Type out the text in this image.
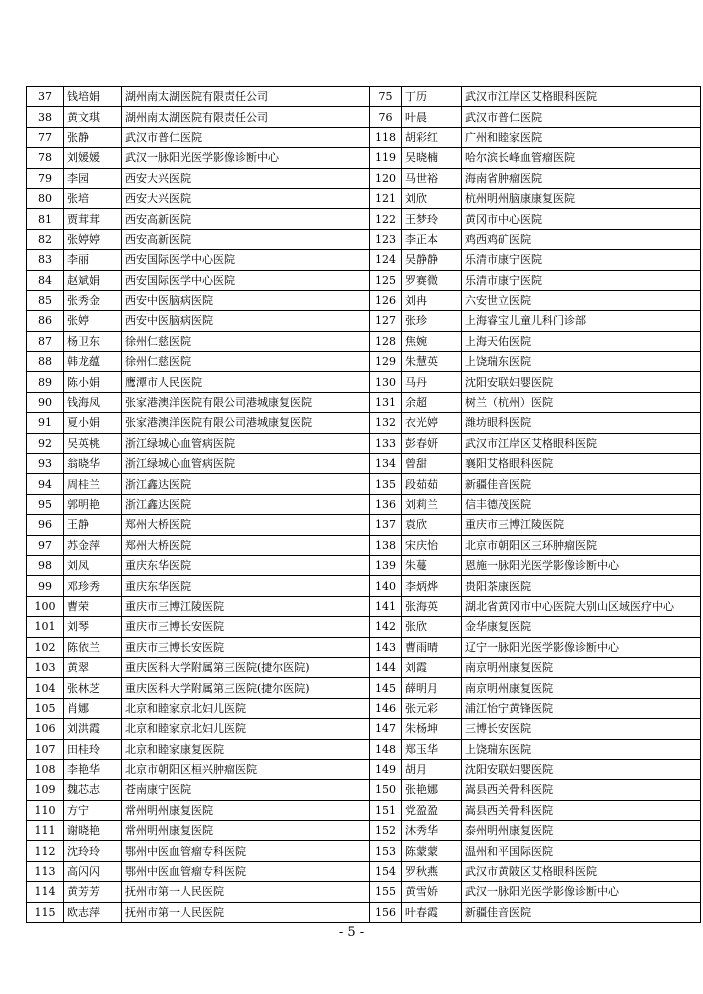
37	钱培娟	湖州南太湖医院有限责任公司	75	丁历	武汉市江岸区艾格眼科医院
38	黄文琪	湖州南太湖医院有限责任公司	76	叶晨	武汉市普仁医院
77	张静	武汉市普仁医院	118	胡彩红	广州和睦家医院
78	刘媛媛	武汉一脉阳光医学影像诊断中心	119	吴晓楠	哈尔滨长峰血管瘤医院
79	李园	西安大兴医院	120	马世裕	海南省肿瘤医院
80	张培	西安大兴医院	121	刘欣	杭州明州脑康康复医院
81	贾茸茸	西安高新医院	122	王梦玲	黄冈市中心医院
82	张婷婷	西安高新医院	123	李正本	鸡西鸡矿医院
83	李丽	西安国际医学中心医院	124	吴静静	乐清市康宁医院
84	赵斌娟	西安国际医学中心医院	125	罗赛微	乐清市康宁医院
85	张秀金	西安中医脑病医院	126	刘冉	六安世立医院
86	张婷	西安中医脑病医院	127	张珍	上海睿宝儿童儿科门诊部
87	杨卫东	徐州仁慈医院	128	焦婉	上海天佑医院
88	韩龙蕴	徐州仁慈医院	129	朱慧英	上饶瑞东医院
89	陈小娟	鹰潭市人民医院	130	马丹	沈阳安联妇婴医院
90	钱海凤	张家港澳洋医院有限公司港城康复医院	131	余超	树兰（杭州）医院
91	夏小娟	张家港澳洋医院有限公司港城康复医院	132	衣光婷	潍坊眼科医院
92	吴英桃	浙江绿城心血管病医院	133	彭春妍	武汉市江岸区艾格眼科医院
93	翁晓华	浙江绿城心血管病医院	134	曾甜	襄阳艾格眼科医院
94	周桂兰	浙江鑫达医院	135	段茹茹	新疆佳音医院
95	郭明艳	浙江鑫达医院	136	刘莉兰	信丰德茂医院
96	王静	郑州大桥医院	137	袁欣	重庆市三博江陵医院
97	苏金萍	郑州大桥医院	138	宋庆怡	北京市朝阳区三环肿瘤医院
98	刘凤	重庆东华医院	139	朱蔓	恩施一脉阳光医学影像诊断中心
99	邓珍秀	重庆东华医院	140	李炳烨	贵阳茶康医院
100	曹荣	重庆市三博江陵医院	141	张海英	湖北省黄冈市中心医院大别山区域医疗中心
101	刘琴	重庆市三博长安医院	142	张欣	金华康复医院
102	陈依兰	重庆市三博长安医院	143	曹雨晴	辽宁一脉阳光医学影像诊断中心
103	黄翠	重庆医科大学附属第三医院(捷尔医院)	144	刘霞	南京明州康复医院
104	张林芝	重庆医科大学附属第三医院(捷尔医院)	145	薛明月	南京明州康复医院
105	肖娜	北京和睦家京北妇儿医院	146	张元彩	浦江怡宁黄锋医院
106	刘洪霞	北京和睦家京北妇儿医院	147	朱杨坤	三博长安医院
107	田桂玲	北京和睦家康复医院	148	郑玉华	上饶瑞东医院
108	李艳华	北京市朝阳区桓兴肿瘤医院	149	胡月	沈阳安联妇婴医院
109	魏芯志	苍南康宁医院	150	张艳娜	嵩县西关骨科医院
110	方宁	常州明州康复医院	151	党盈盈	嵩县西关骨科医院
111	谢晓艳	常州明州康复医院	152	沐秀华	泰州明州康复医院
112	沈玲玲	鄂州中医血管瘤专科医院	153	陈蒙蒙	温州和平国际医院
113	高闪闪	鄂州中医血管瘤专科医院	154	罗秋燕	武汉市黄陂区艾格眼科医院
114	黄芳芳	抚州市第一人民医院	155	黄雪娇	武汉一脉阳光医学影像诊断中心
115	欧志萍	抚州市第一人民医院	156	叶春霞	新疆佳音医院
- 5 -
